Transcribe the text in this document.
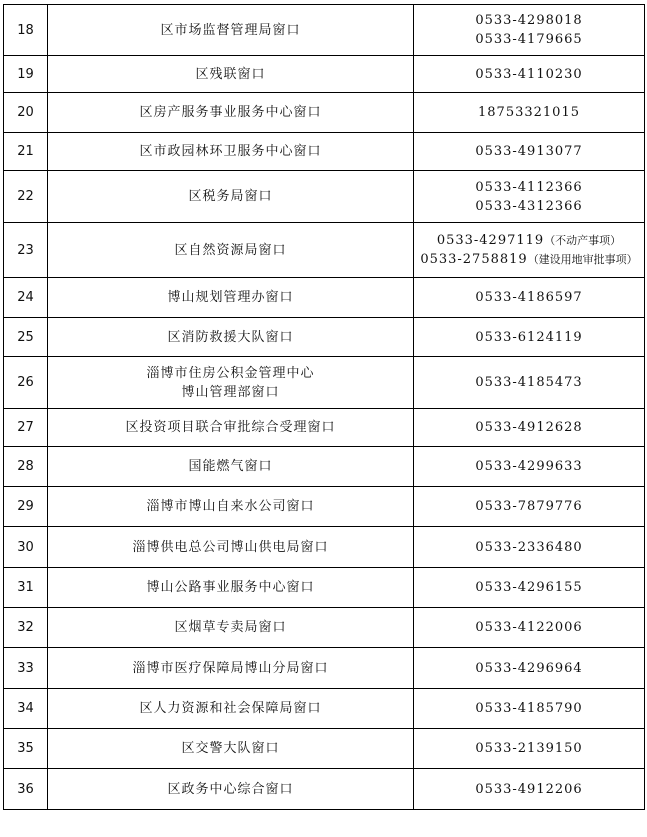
18	区市场监督管理局窗口	0533-4298018
0533-4179665

19	区残联窗口	0533-4110230

20	区房产服务事业服务中心窗口	18753321015

21	区市政园林环卫服务中心窗口	0533-4913077

22	区税务局窗口	0533-4112366
0533-4312366

23	区自然资源局窗口	0533-4297119（不动产事项）
0533-2758819（建设用地审批事项）

24	博山规划管理办窗口	0533-4186597

25	区消防救援大队窗口	0533-6124119

26	淄博市住房公积金管理中心
博山管理部窗口	0533-4185473

27	区投资项目联合审批综合受理窗口	0533-4912628

28	国能燃气窗口	0533-4299633

29	淄博市博山自来水公司窗口	0533-7879776

30	淄博供电总公司博山供电局窗口	0533-2336480

31	博山公路事业服务中心窗口	0533-4296155

32	区烟草专卖局窗口	0533-4122006

33	淄博市医疗保障局博山分局窗口	0533-4296964

34	区人力资源和社会保障局窗口	0533-4185790

35	区交警大队窗口	0533-2139150

36	区政务中心综合窗口	0533-4912206
